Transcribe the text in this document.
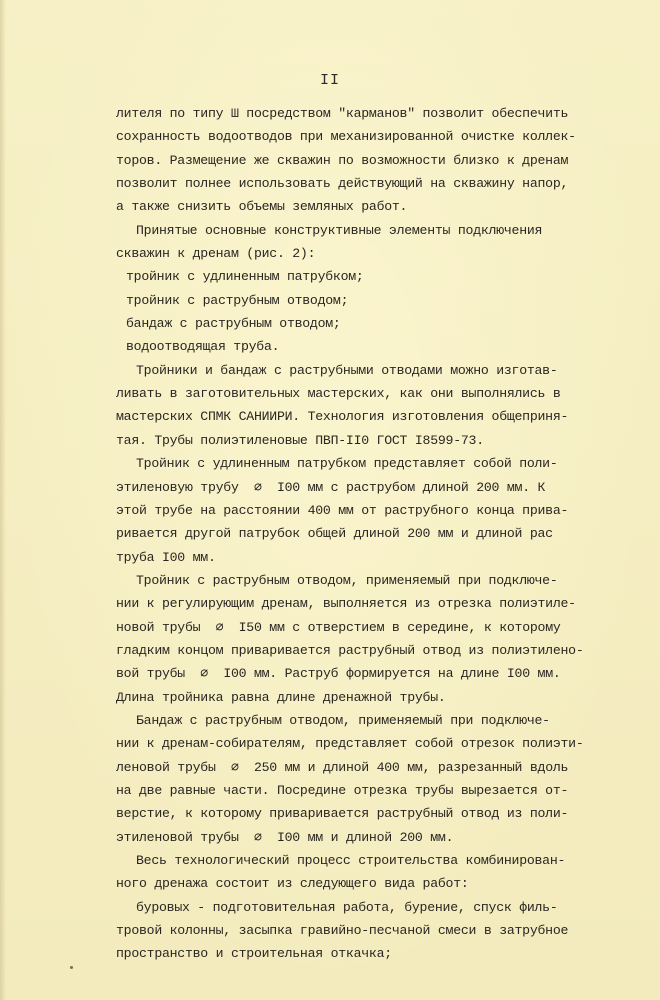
II
лителя по типу Ш посредством "карманов" позволит обеспечить
сохранность водоотводов при механизированной очистке коллек-
торов. Размещение же скважин по возможности близко к дренам
позволит полнее использовать действующий на скважину напор,
а также снизить объемы земляных работ.
Принятые основные конструктивные элементы подключения
скважин к дренам (рис. 2):
тройник с удлиненным патрубком;
тройник с раструбным отводом;
бандаж с раструбным отводом;
водоотводящая труба.
Тройники и бандаж с раструбными отводами можно изготав-
ливать в заготовительных мастерских, как они выполнялись в
мастерских СПМК САНИИРИ. Технология изготовления общеприня-
тая. Трубы полиэтиленовые ПВП-II0 ГОСТ I8599-73.
Тройник с удлиненным патрубком представляет собой поли-
этиленовую трубу  ⌀  I00 мм с раструбом длиной 200 мм. К
этой трубе на расстоянии 400 мм от раструбного конца прива-
ривается другой патрубок общей длиной 200 мм и длиной рас
труба I00 мм.
Тройник с раструбным отводом, применяемый при подключе-
нии к регулирующим дренам, выполняется из отрезка полиэтиле-
новой трубы  ⌀  I50 мм с отверстием в середине, к которому
гладким концом приваривается раструбный отвод из полиэтилено-
вой трубы  ⌀  I00 мм. Раструб формируется на длине I00 мм.
Длина тройника равна длине дренажной трубы.
Бандаж с раструбным отводом, применяемый при подключе-
нии к дренам-собирателям, представляет собой отрезок полиэти-
леновой трубы  ⌀  250 мм и длиной 400 мм, разрезанный вдоль
на две равные части. Посредине отрезка трубы вырезается от-
верстие, к которому приваривается раструбный отвод из поли-
этиленовой трубы  ⌀  I00 мм и длиной 200 мм.
Весь технологический процесс строительства комбинирован-
ного дренажа состоит из следующего вида работ:
буровых - подготовительная работа, бурение, спуск филь-
тровой колонны, засыпка гравийно-песчаной смеси в затрубное
пространство и строительная откачка;
